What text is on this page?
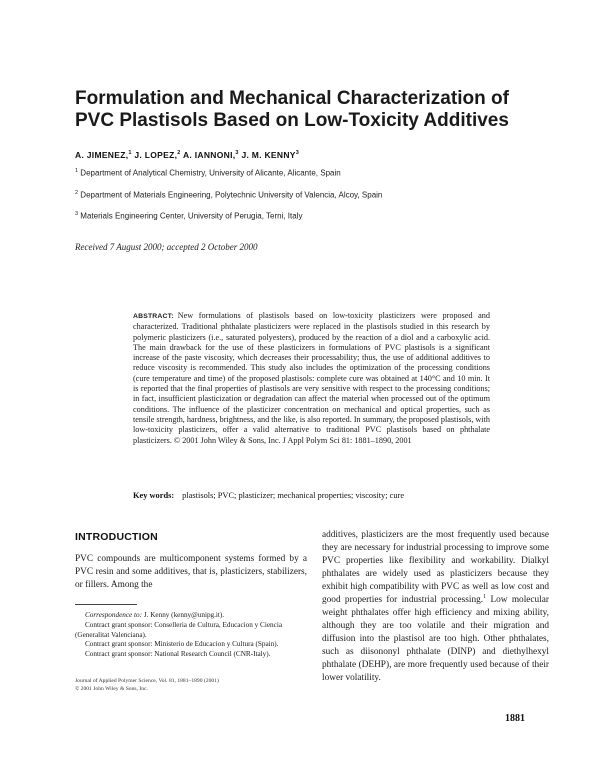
Formulation and Mechanical Characterization of PVC Plastisols Based on Low-Toxicity Additives
A. JIMENEZ,$^1$ J. LOPEZ,$^2$ A. IANNONI,$^3$ J. M. KENNY$^3$
$^1$ Department of Analytical Chemistry, University of Alicante, Alicante, Spain
$^2$ Department of Materials Engineering, Polytechnic University of Valencia, Alcoy, Spain
$^3$ Materials Engineering Center, University of Perugia, Terni, Italy
Received 7 August 2000; accepted 2 October 2000
ABSTRACT: New formulations of plastisols based on low-toxicity plasticizers were proposed and characterized. Traditional phthalate plasticizers were replaced in the plastisols studied in this research by polymeric plasticizers (i.e., saturated polyesters), produced by the reaction of a diol and a carboxylic acid. The main drawback for the use of these plasticizers in formulations of PVC plastisols is a significant increase of the paste viscosity, which decreases their processability; thus, the use of additional additives to reduce viscosity is recommended. This study also includes the optimization of the processing conditions (cure temperature and time) of the proposed plastisols: complete cure was obtained at 140°C and 10 min. It is reported that the final properties of plastisols are very sensitive with respect to the processing conditions; in fact, insufficient plasticization or degradation can affect the material when processed out of the optimum conditions. The influence of the plasticizer concentration on mechanical and optical properties, such as tensile strength, hardness, brightness, and the like, is also reported. In summary, the proposed plastisols, with low-toxicity plasticizers, offer a valid alternative to traditional PVC plastisols based on phthalate plasticizers. © 2001 John Wiley & Sons, Inc. J Appl Polym Sci 81: 1881–1890, 2001
Key words: plastisols; PVC; plasticizer; mechanical properties; viscosity; cure
INTRODUCTION
PVC compounds are multicomponent systems formed by a PVC resin and some additives, that is, plasticizers, stabilizers, or fillers. Among the
additives, plasticizers are the most frequently used because they are necessary for industrial processing to improve some PVC properties like flexibility and workability. Dialkyl phthalates are widely used as plasticizers because they exhibit high compatibility with PVC as well as low cost and good properties for industrial processing.$^1$ Low molecular weight phthalates offer high efficiency and mixing ability, although they are too volatile and their migration and diffusion into the plastisol are too high. Other phthalates, such as diisononyl phthalate (DINP) and diethylhexyl phthalate (DEHP), are more frequently used because of their lower volatility.

Correspondence to: J. Kenny (kenny@unipg.it).

Contract grant sponsor: Conselleria de Cultura, Educacion y Ciencia (Generalitat Valenciana).

Contract grant sponsor: Ministerio de Educacion y Cultura (Spain).

Contract grant sponsor: National Research Council (CNR-Italy).

Journal of Applied Polymer Science, Vol. 81, 1881–1890 (2001)
© 2001 John Wiley & Sons, Inc.
1881
